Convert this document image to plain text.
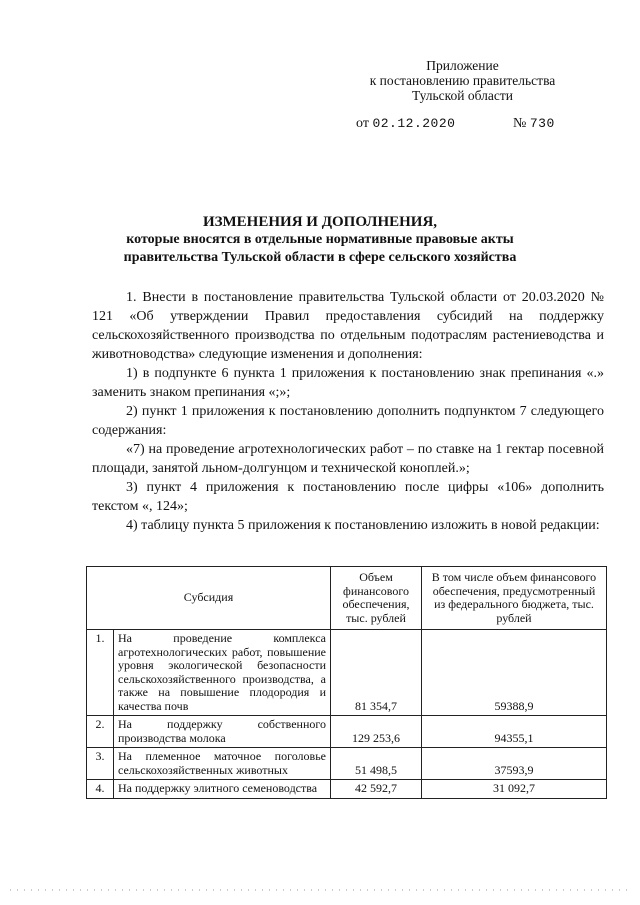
Приложение
к постановлению правительства
Тульской области
от 02.12.2020	№ 730
ИЗМЕНЕНИЯ И ДОПОЛНЕНИЯ,
которые вносятся в отдельные нормативные правовые акты
правительства Тульской области в сфере сельского хозяйства

1. Внести в постановление правительства Тульской области от 20.03.2020 № 121 «Об утверждении Правил предоставления субсидий на поддержку сельскохозяйственного производства по отдельным подотраслям растениеводства и животноводства» следующие изменения и дополнения:

1) в подпункте 6 пункта 1 приложения к постановлению знак препинания «.» заменить знаком препинания «;»;

2) пункт 1 приложения к постановлению дополнить подпунктом 7 следующего содержания:

«7) на проведение агротехнологических работ – по ставке на 1 гектар посевной площади, занятой льном-долгунцом и технической коноплей.»;

3) пункт 4 приложения к постановлению после цифры «106» дополнить текстом «, 124»;

4) таблицу пункта 5 приложения к постановлению изложить в новой редакции:

Субсидия		Объем финансового обеспечения, тыс. рублей	В том числе объем финансового обеспечения, предусмотренный из федерального бюджета, тыс. рублей
1.	На проведение комплекса агротехнологических работ, повышение уровня экологической безопасности сельскохозяйственного производства, а также на повышение плодородия и качества почв	81 354,7	59388,9
2.	На поддержку собственного производства молока	129 253,6	94355,1
3.	На племенное маточное поголовье сельскохозяйственных животных	51 498,5	37593,9
4.	На поддержку элитного семеноводства	42 592,7	31 092,7
